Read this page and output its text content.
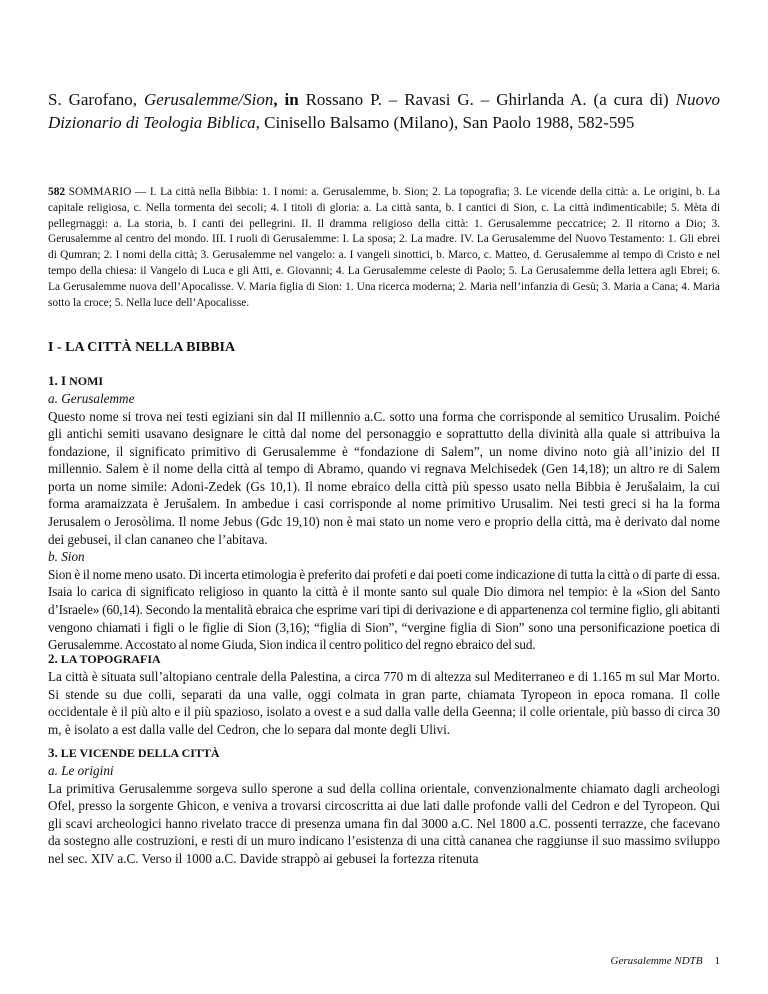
S. Garofano, Gerusalemme/Sion, in Rossano P. – Ravasi G. – Ghirlanda A. (a cura di) Nuovo Dizionario di Teologia Biblica, Cinisello Balsamo (Milano), San Paolo 1988, 582-595
582 SOMMARIO — I. La città nella Bibbia: 1. I nomi: a. Gerusalemme, b. Sion; 2. La topografia; 3. Le vicende della città: a. Le origini, b. La capitale religiosa, c. Nella tormenta dei secoli; 4. I titoli di gloria: a. La città santa, b. I cantici di Sion, c. La città indimenticabile; 5. Mèta di pellegrnaggi: a. La storia, b. I canti dei pellegrini. II. Il dramma religioso della città: 1. Gerusalemme peccatrice; 2. Il ritorno a Dio; 3. Gerusalemme al centro del mondo. III. I ruoli di Gerusalemme: I. La sposa; 2. La madre. IV. La Gerusalemme del Nuovo Testamento: 1. Gli ebrei di Qumran; 2. I nomi della città; 3. Gerusalemme nel vangelo: a. I vangeli sinottici, b. Marco, c. Matteo, d. Gerusalemme al tempo di Cristo e nel tempo della chiesa: il Vangelo di Luca e gli Atti, e. Giovanni; 4. La Gerusalemme celeste di Paolo; 5. La Gerusalemme della lettera agli Ebrei; 6. La Gerusalemme nuova dell’Apocalisse. V. Maria figlia di Sion: 1. Una ricerca moderna; 2. Maria nell’infanzia di Gesù; 3. Maria a Cana; 4. Maria sotto la croce; 5. Nella luce dell’Apocalisse.
I - LA CITTÀ NELLA BIBBIA

1. I NOMI

a. Gerusalemme

Questo nome si trova nei testi egiziani sin dal II millennio a.C. sotto una forma che corrisponde al semitico Urusalim. Poiché gli antichi semiti usavano designare le città dal nome del personaggio e soprattutto della divinità alla quale si attribuiva la fondazione, il significato primitivo di Gerusalemme è “fondazione di Salem”, un nome divino noto già all’inizio del II millennio. Salem è il nome della città al tempo di Abramo, quando vi regnava Melchisedek (Gen 14,18); un altro re di Salem porta un nome simile: Adoni-Zedek (Gs 10,1). Il nome ebraico della città più spesso usato nella Bibbia è Jerušalaim, la cui forma aramaizzata è Jerušalem. In ambedue i casi corrisponde al nome primitivo Urusalim. Nei testi greci si ha la forma Jerusalem o Jerosòlima. Il nome Jebus (Gdc 19,10) non è mai stato un nome vero e proprio della città, ma è derivato dal nome dei gebusei, il clan cananeo che l’abitava.

b. Sion

Sion è il nome meno usato. Di incerta etimologia è preferito dai profeti e dai poeti come indicazione di tutta la città o di parte di essa. Isaia lo carica di significato religioso in quanto la città è il monte santo sul quale Dio dimora nel tempio: è la «Sion del Santo d’Israele» (60,14). Secondo la mentalità ebraica che esprime vari tipi di derivazione e di appartenenza col termine figlio, gli abitanti vengono chiamati i figli o le figlie di Sion (3,16); “figlia di Sion”, “vergine figlia di Sion” sono una personificazione poetica di Gerusalemme. Accostato al nome Giuda, Sion indica il centro politico del regno ebraico del sud.

2. LA TOPOGRAFIA

La città è situata sull’altopiano centrale della Palestina, a circa 770 m di altezza sul Mediterraneo e di 1.165 m sul Mar Morto. Si stende su due colli, separati da una valle, oggi colmata in gran parte, chiamata Tyropeon in epoca romana. Il colle occidentale è il più alto e il più spazioso, isolato a ovest e a sud dalla valle della Geenna; il colle orientale, più basso di circa 30 m, è isolato a est dalla valle del Cedron, che lo separa dal monte degli Ulivi.

3. LE VICENDE DELLA CITTÀ

a. Le origini

La primitiva Gerusalemme sorgeva sullo sperone a sud della collina orientale, convenzionalmente chiamato dagli archeologi Ofel, presso la sorgente Ghicon, e veniva a trovarsi circoscritta ai due lati dalle profonde valli del Cedron e del Tyropeon. Qui gli scavi archeologici hanno rivelato tracce di presenza umana fin dal 3000 a.C. Nel 1800 a.C. possenti terrazze, che facevano da sostegno alle costruzioni, e resti di un muro indicano l’esistenza di una città cananea che raggiunse il suo massimo sviluppo nel sec. XIV a.C. Verso il 1000 a.C. Davide strappò ai gebusei la fortezza ritenuta

Gerusalemme NDTB 1
